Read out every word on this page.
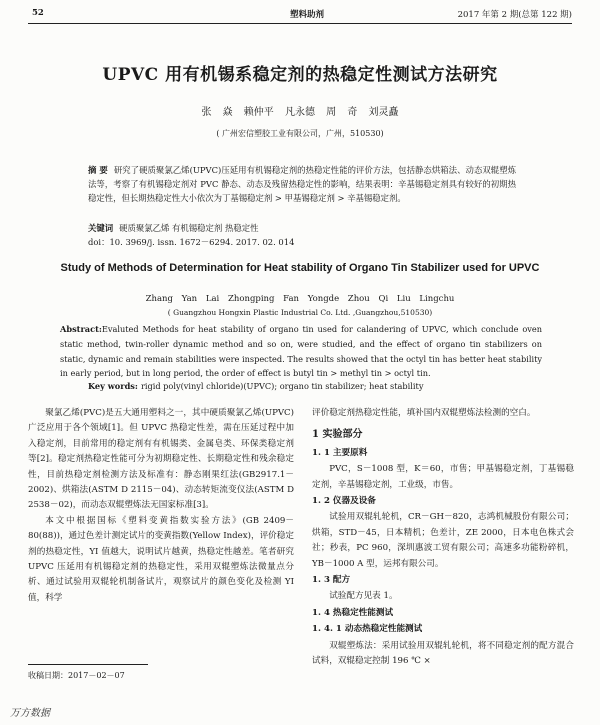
52	塑料助剂	2017 年第 2 期(总第 122 期)
UPVC 用有机锡系稳定剂的热稳定性测试方法研究
张 焱 赖仲平 凡永德 周 奇 刘灵矗
( 广州宏信塑胶工业有限公司，广州，510530)
摘 要 研究了硬质聚氯乙烯(UPVC)压延用有机锡稳定剂的热稳定性能的评价方法，包括静态烘箱法、动态双辊塑炼法等，考察了有机锡稳定剂对 PVC 静态、动态及残留热稳定性的影响，结果表明：辛基锡稳定剂具有较好的初期热稳定性，但长期热稳定性大小依次为丁基锡稳定剂 > 甲基锡稳定剂 > 辛基锡稳定剂。
关键词 硬质聚氯乙烯 有机锡稳定剂 热稳定性
doi：10. 3969/j. issn. 1672－6294. 2017. 02. 014
Study of Methods of Determination for Heat stability of Organo Tin Stabilizer used for UPVC
Zhang Yan Lai Zhongping Fan Yongde Zhou Qi Liu Lingchu
( Guangzhou Hongxin Plastic Industrial Co. Ltd. ,Guangzhou,510530)
Abstract:Evaluted Methods for heat stability of organo tin used for calandering of UPVC, which conclude oven static method, twin-roller dynamic method and so on, were studied, and the effect of organo tin stabilizers on static, dynamic and remain stabilities were inspected. The results showed that the octyl tin has better heat stability in early period, but in long period, the order of effect is butyl tin > methyl tin > octyl tin.
Key words: rigid poly(vinyl chloride)(UPVC); organo tin stabilizer; heat stability

聚氯乙烯(PVC)是五大通用塑料之一，其中硬质聚氯乙烯(UPVC)广泛应用于各个领域[1]。但 UPVC 热稳定性差，需在压延过程中加入稳定剂，目前常用的稳定剂有有机锡类、金属皂类、环保类稳定剂等[2]。稳定剂热稳定性能可分为初期稳定性、长期稳定性和残余稳定性，目前热稳定剂检测方法及标准有：静态刚果红法(GB2917.1－2002)、烘箱法(ASTM D 2115－04)、动态转矩流变仪法(ASTM D 2538－02)，而动态双辊塑炼法无国家标准[3]。

本文中根据国标《塑料变黄指数实验方法》(GB 2409－80(88))，通过色差计测定试片的变黄指数(Yellow Index)，评价稳定剂的热稳定性，YI 值越大，说明试片越黄，热稳定性越差。笔者研究 UPVC 压延用有机锡稳定剂的热稳定性，采用双辊塑炼法微量点分析、通过试验用双辊轮机制备试片，观察试片的颜色变化及检测 YI 值，科学

评价稳定剂热稳定性能，填补国内双辊塑炼法检测的空白。

1 实验部分
1. 1 主要原料

PVC，S－1008 型，K＝60，市售；甲基锡稳定剂，丁基锡稳定剂，辛基锡稳定剂，工业级，市售。

1. 2 仪器及设备

试验用双辊轧轮机，CR－GH－820，志鸿机械股份有限公司；烘箱，STD－45，日本精机；色差计，ZE 2000，日本电色株式会社；秒表，PC 960，深圳惠波工贸有限公司；高速多功能粉碎机，YB－1000 A 型，运邦有限公司。

1. 3 配方

试验配方见表 1。

1. 4 热稳定性能测试
1. 4. 1 动态热稳定性能测试

双辊塑炼法：采用试验用双辊轧轮机，将不同稳定剂的配方混合试料，双辊稳定控制 196 ℃ ×

收稿日期：2017－02－07
万方数据
